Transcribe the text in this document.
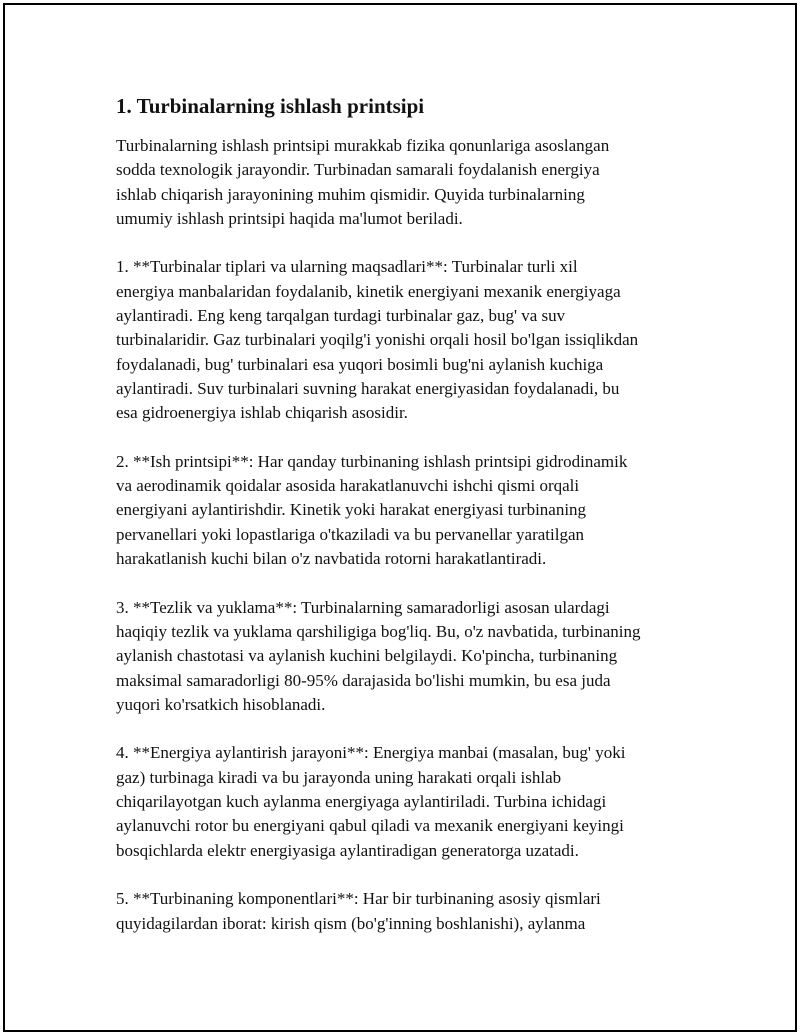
1. Turbinalarning ishlash printsipi

Turbinalarning ishlash printsipi murakkab fizika qonunlariga asoslangan
sodda texnologik jarayondir. Turbinadan samarali foydalanish energiya
ishlab chiqarish jarayonining muhim qismidir. Quyida turbinalarning
umumiy ishlash printsipi haqida ma'lumot beriladi.

1. **Turbinalar tiplari va ularning maqsadlari**: Turbinalar turli xil
energiya manbalaridan foydalanib, kinetik energiyani mexanik energiyaga
aylantiradi. Eng keng tarqalgan turdagi turbinalar gaz, bug' va suv
turbinalaridir. Gaz turbinalari yoqilg'i yonishi orqali hosil bo'lgan issiqlikdan
foydalanadi, bug' turbinalari esa yuqori bosimli bug'ni aylanish kuchiga
aylantiradi. Suv turbinalari suvning harakat energiyasidan foydalanadi, bu
esa gidroenergiya ishlab chiqarish asosidir.

2. **Ish printsipi**: Har qanday turbinaning ishlash printsipi gidrodinamik
va aerodinamik qoidalar asosida harakatlanuvchi ishchi qismi orqali
energiyani aylantirishdir. Kinetik yoki harakat energiyasi turbinaning
pervanellari yoki lopastlariga o'tkaziladi va bu pervanellar yaratilgan
harakatlanish kuchi bilan o'z navbatida rotorni harakatlantiradi.

3. **Tezlik va yuklama**: Turbinalarning samaradorligi asosan ulardagi
haqiqiy tezlik va yuklama qarshiligiga bog'liq. Bu, o'z navbatida, turbinaning
aylanish chastotasi va aylanish kuchini belgilaydi. Ko'pincha, turbinaning
maksimal samaradorligi 80-95% darajasida bo'lishi mumkin, bu esa juda
yuqori ko'rsatkich hisoblanadi.

4. **Energiya aylantirish jarayoni**: Energiya manbai (masalan, bug' yoki
gaz) turbinaga kiradi va bu jarayonda uning harakati orqali ishlab
chiqarilayotgan kuch aylanma energiyaga aylantiriladi. Turbina ichidagi
aylanuvchi rotor bu energiyani qabul qiladi va mexanik energiyani keyingi
bosqichlarda elektr energiyasiga aylantiradigan generatorga uzatadi.

5. **Turbinaning komponentlari**: Har bir turbinaning asosiy qismlari
quyidagilardan iborat: kirish qism (bo'g'inning boshlanishi), aylanma
